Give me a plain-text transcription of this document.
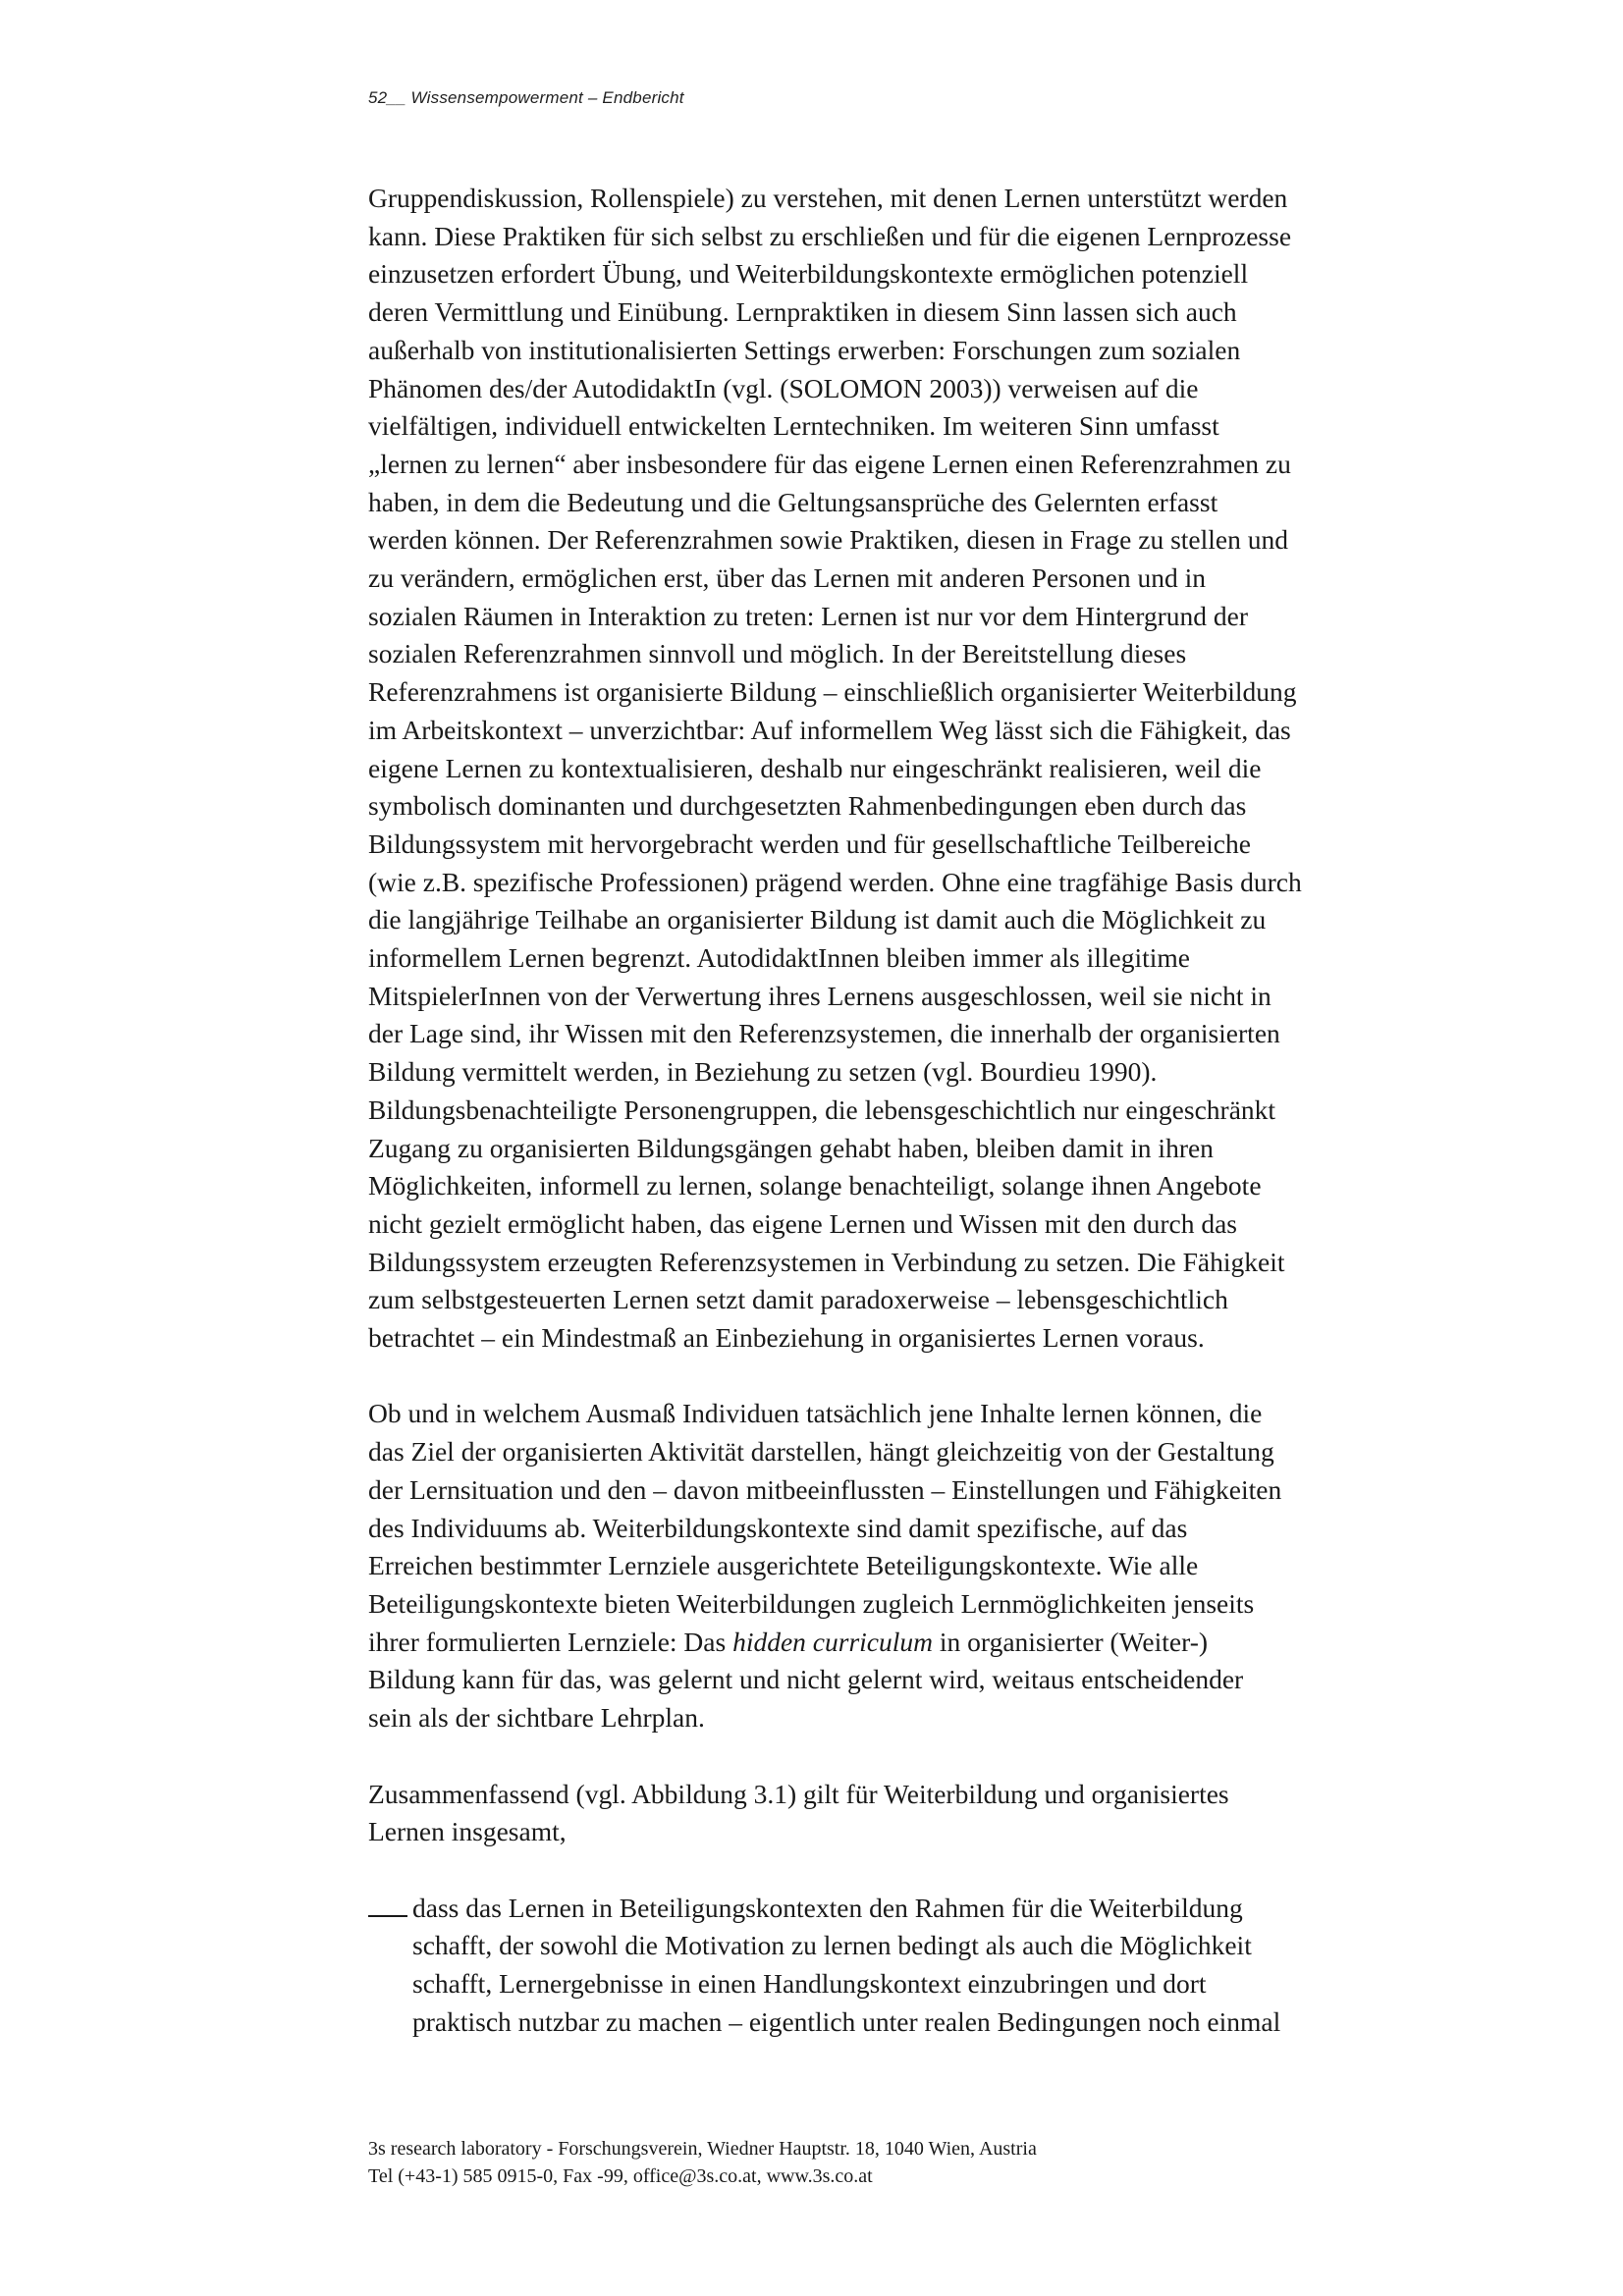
52__ Wissensempowerment – Endbericht

Gruppendiskussion, Rollenspiele) zu verstehen, mit denen Lernen unterstützt werden
kann. Diese Praktiken für sich selbst zu erschließen und für die eigenen Lernprozesse
einzusetzen erfordert Übung, und Weiterbildungskontexte ermöglichen potenziell
deren Vermittlung und Einübung. Lernpraktiken in diesem Sinn lassen sich auch
außerhalb von institutionalisierten Settings erwerben: Forschungen zum sozialen
Phänomen des/der AutodidaktIn (vgl. (SOLOMON 2003)) verweisen auf die
vielfältigen, individuell entwickelten Lerntechniken. Im weiteren Sinn umfasst
„lernen zu lernen“ aber insbesondere für das eigene Lernen einen Referenzrahmen zu
haben, in dem die Bedeutung und die Geltungsansprüche des Gelernten erfasst
werden können. Der Referenzrahmen sowie Praktiken, diesen in Frage zu stellen und
zu verändern, ermöglichen erst, über das Lernen mit anderen Personen und in
sozialen Räumen in Interaktion zu treten: Lernen ist nur vor dem Hintergrund der
sozialen Referenzrahmen sinnvoll und möglich. In der Bereitstellung dieses
Referenzrahmens ist organisierte Bildung – einschließlich organisierter Weiterbildung
im Arbeitskontext – unverzichtbar: Auf informellem Weg lässt sich die Fähigkeit, das
eigene Lernen zu kontextualisieren, deshalb nur eingeschränkt realisieren, weil die
symbolisch dominanten und durchgesetzten Rahmenbedingungen eben durch das
Bildungssystem mit hervorgebracht werden und für gesellschaftliche Teilbereiche
(wie z.B. spezifische Professionen) prägend werden. Ohne eine tragfähige Basis durch
die langjährige Teilhabe an organisierter Bildung ist damit auch die Möglichkeit zu
informellem Lernen begrenzt. AutodidaktInnen bleiben immer als illegitime
MitspielerInnen von der Verwertung ihres Lernens ausgeschlossen, weil sie nicht in
der Lage sind, ihr Wissen mit den Referenzsystemen, die innerhalb der organisierten
Bildung vermittelt werden, in Beziehung zu setzen (vgl. Bourdieu 1990).
Bildungsbenachteiligte Personengruppen, die lebensgeschichtlich nur eingeschränkt
Zugang zu organisierten Bildungsgängen gehabt haben, bleiben damit in ihren
Möglichkeiten, informell zu lernen, solange benachteiligt, solange ihnen Angebote
nicht gezielt ermöglicht haben, das eigene Lernen und Wissen mit den durch das
Bildungssystem erzeugten Referenzsystemen in Verbindung zu setzen. Die Fähigkeit
zum selbstgesteuerten Lernen setzt damit paradoxerweise – lebensgeschichtlich
betrachtet – ein Mindestmaß an Einbeziehung in organisiertes Lernen voraus.

Ob und in welchem Ausmaß Individuen tatsächlich jene Inhalte lernen können, die
das Ziel der organisierten Aktivität darstellen, hängt gleichzeitig von der Gestaltung
der Lernsituation und den – davon mitbeeinflussten – Einstellungen und Fähigkeiten
des Individuums ab. Weiterbildungskontexte sind damit spezifische, auf das
Erreichen bestimmter Lernziele ausgerichtete Beteiligungskontexte. Wie alle
Beteiligungskontexte bieten Weiterbildungen zugleich Lernmöglichkeiten jenseits
ihrer formulierten Lernziele: Das hidden curriculum in organisierter (Weiter-)
Bildung kann für das, was gelernt und nicht gelernt wird, weitaus entscheidender
sein als der sichtbare Lehrplan.

Zusammenfassend (vgl. Abbildung 3.1) gilt für Weiterbildung und organisiertes
Lernen insgesamt,

dass das Lernen in Beteiligungskontexten den Rahmen für die Weiterbildung
schafft, der sowohl die Motivation zu lernen bedingt als auch die Möglichkeit
schafft, Lernergebnisse in einen Handlungskontext einzubringen und dort
praktisch nutzbar zu machen – eigentlich unter realen Bedingungen noch einmal
3s research laboratory - Forschungsverein, Wiedner Hauptstr. 18, 1040 Wien, Austria
Tel (+43-1) 585 0915-0, Fax -99, office@3s.co.at, www.3s.co.at
